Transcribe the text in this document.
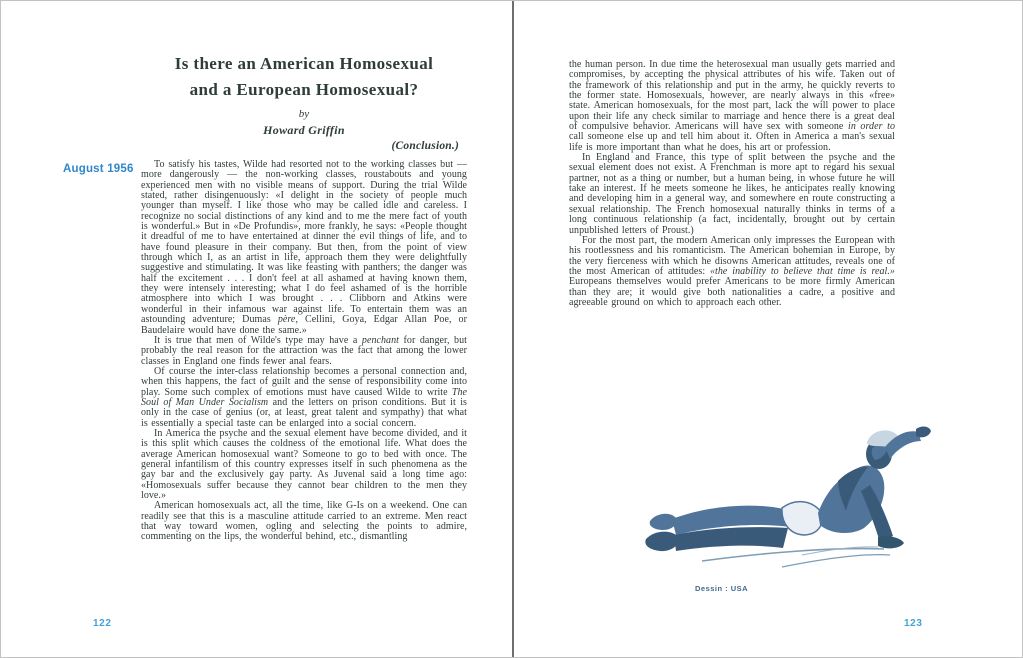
August 1956
Is there an American Homosexual
and a European Homosexual?
by
Howard Griffin
(Conclusion.)

To satisfy his tastes, Wilde had resorted not to the working classes but — more dangerously — the non-working classes, roustabouts and young experienced men with no visible means of support. During the trial Wilde stated, rather disingenuously: «I delight in the society of people much younger than myself. I like those who may be called idle and careless. I recognize no social distinctions of any kind and to me the mere fact of youth is wonderful.» But in «De Profundis», more frankly, he says: «People thought it dreadful of me to have entertained at dinner the evil things of life, and to have found pleasure in their company. But then, from the point of view through which I, as an artist in life, approach them they were delightfully suggestive and stimulating. It was like feasting with panthers; the danger was half the excitement . . . I don't feel at all ashamed at having known them, they were intensely interesting; what I do feel ashamed of is the horrible atmosphere into which I was brought . . . Clibborn and Atkins were wonderful in their infamous war against life. To entertain them was an astounding adventure; Dumas père, Cellini, Goya, Edgar Allan Poe, or Baudelaire would have done the same.»

It is true that men of Wilde's type may have a penchant for danger, but probably the real reason for the attraction was the fact that among the lower classes in England one finds fewer anal fears.

Of course the inter-class relationship becomes a personal connection and, when this happens, the fact of guilt and the sense of responsibility come into play. Some such complex of emotions must have caused Wilde to write The Soul of Man Under Socialism and the letters on prison conditions. But it is only in the case of genius (or, at least, great talent and sympathy) that what is essentially a special taste can be enlarged into a social concern.

In America the psyche and the sexual element have become divided, and it is this split which causes the coldness of the emotional life. What does the average American homosexual want? Someone to go to bed with once. The general infantilism of this country expresses itself in such phenomena as the gay bar and the exclusively gay party. As Juvenal said a long time ago: «Homosexuals suffer because they cannot bear children to the men they love.»

American homosexuals act, all the time, like G-Is on a weekend. One can readily see that this is a masculine attitude carried to an extreme. Men react that way toward women, ogling and selecting the points to admire, commenting on the lips, the wonderful behind, etc., dismantling

122

the human person. In due time the heterosexual man usually gets married and compromises, by accepting the physical attributes of his wife. Taken out of the framework of this relationship and put in the army, he quickly reverts to the former state. Homosexuals, however, are nearly always in this «free» state. American homosexuals, for the most part, lack the will power to place upon their life any check similar to marriage and hence there is a great deal of compulsive behavior. Americans will have sex with someone in order to call someone else up and tell him about it. Often in America a man's sexual life is more important than what he does, his art or profession.

In England and France, this type of split between the psyche and the sexual element does not exist. A Frenchman is more apt to regard his sexual partner, not as a thing or number, but a human being, in whose future he will take an interest. If he meets someone he likes, he anticipates really knowing and developing him in a general way, and somewhere en route constructing a sexual relationship. The French homosexual naturally thinks in terms of a long continuous relationship (a fact, incidentally, brought out by certain unpublished letters of Proust.)

For the most part, the modern American only impresses the European with his rootlessness and his romanticism. The American bohemian in Europe, by the very fierceness with which he disowns American attitudes, reveals one of the most American of attitudes: «the inability to believe that time is real.» Europeans themselves would prefer Americans to be more firmly American than they are; it would give both nationalities a cadre, a positive and agreeable ground on which to approach each other.

Dessin : USA
123
